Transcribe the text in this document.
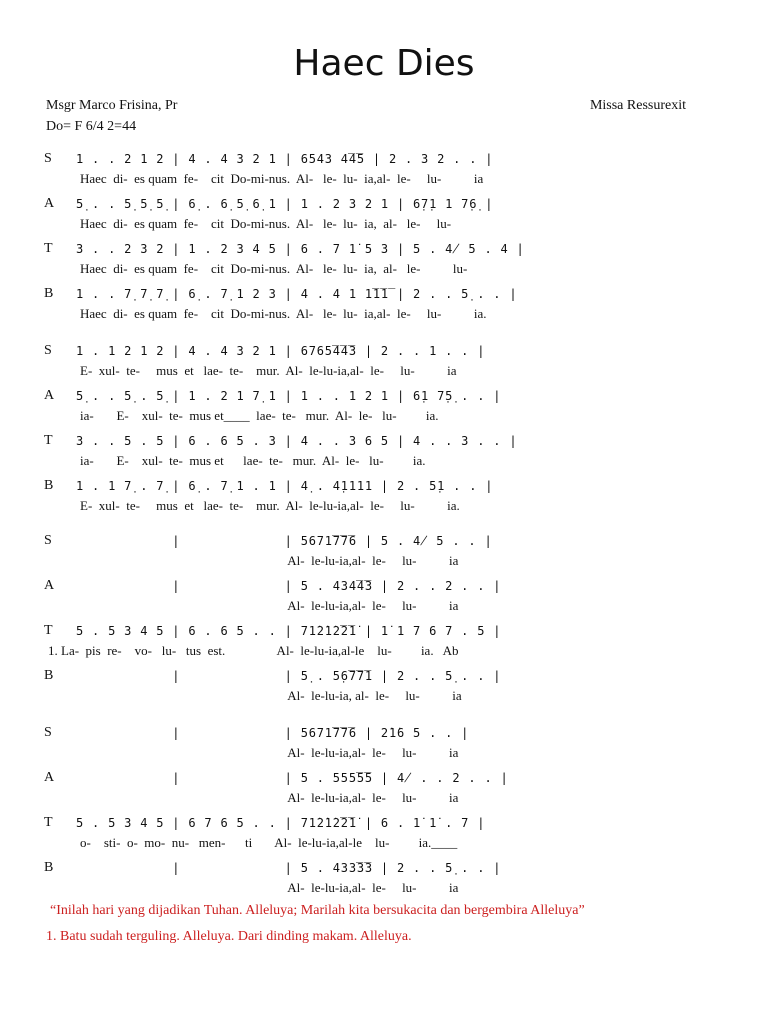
Haec Dies
Msgr Marco Frisina, Pr	Missa Ressurexit
Do= F 6/4 2=44
S	1 . . 2 1 2 | 4 . 4 3 2 1 | 6543 4̅4̅5 | 2 . 3 2 . . |
Haec  di-  es quam  fe-    cit  Do-mi-nus.  Al-   le-  lu-  ia,al-  le-     lu-          ia
A	5̣ . . 5̣ 5̣ 5̣ | 6̣ . 6̣ 5̣ 6̣ 1 | 1 . 2 3 2 1 | 6̣7̣1 1 7̣6̣ |
Haec  di-  es quam  fe-    cit  Do-mi-nus.  Al-   le-  lu-  ia,  al-   le-     lu-
T	3 . . 2 3 2 | 1 . 2 3 4 5 | 6 . 7 1̇ 5 3 | 5 . 4̸ 5 . 4 |
Haec  di-  es quam  fe-    cit  Do-mi-nus.  Al-   le-  lu-  ia,  al-   le-          lu-
B	1 . . 7̣ 7̣ 7̣ | 6̣ . 7̣ 1 2 3 | 4 . 4 1 1̅1̅1̅ | 2 . . 5̣ . . |
Haec  di-  es quam  fe-    cit  Do-mi-nus.  Al-   le-  lu-  ia,al-  le-     lu-          ia.
S	1 . 1 2 1 2 | 4 . 4 3 2 1 | 6765̅4̅4̅3 | 2 . . 1 . . |
E-  xul-  te-     mus  et   lae-  te-    mur.  Al-  le-lu-ia,al-  le-     lu-          ia
A	5̣ . . 5̣ . 5̣ | 1 . 2 1 7̣ 1 | 1 . . 1 2 1 | 6̣1 7̣5̣ . . |
ia-       E-    xul-  te-  mus et____  lae-  te-   mur.  Al-  le-   lu-         ia.
T	3 . . 5 . 5 | 6 . 6 5 . 3 | 4 . . 3 6 5 | 4 . . 3 . . |
ia-       E-    xul-  te-  mus et      lae-  te-   mur.  Al-  le-   lu-         ia.
B	1 . 1 7̣ . 7̣ | 6̣ . 7̣ 1 . 1 | 4̣ . 4̣1111 | 2 . 5̣1 . . |
E-  xul-  te-     mus  et   lae-  te-    mur.  Al-  le-lu-ia,al-  le-     lu-          ia.
S	|             | 5671̇̅7̅7̅6 | 5 . 4̸ 5 . . |
Al-  le-lu-ia,al-  le-     lu-          ia
A	|             | 5 . 434̅4̅3 | 2 . . 2 . . |
Al-  le-lu-ia,al-  le-     lu-          ia
T	5 . 5 3 4 5 | 6 . 6 5 . . | 71̇2̇1̇2̇̅2̇̅1̇ | 1̇ 1 7 6 7 . 5 |
1. La-  pis  re-    vo-   lu-   tus  est.                Al-  le-lu-ia,al-le    lu-         ia.   Ab
B	|             | 5̣ . 5̣6̅7̅7̅1 | 2 . . 5̣ . . |
Al-  le-lu-ia, al-  le-     lu-          ia
S	|             | 5671̇̅7̅7̅6 | 2̇1̇6 5 . . |
Al-  le-lu-ia,al-  le-     lu-          ia
A	|             | 5 . 555̅5̅5 | 4̸ . . 2 . . |
Al-  le-lu-ia,al-  le-     lu-          ia
T	5 . 5 3 4 5 | 6 7 6 5 . . | 71̇2̇1̇2̇̅2̇̅1̇ | 6 . 1̇ 1̇ . 7 |
o-    sti-  o-  mo-  nu-   men-      ti       Al-  le-lu-ia,al-le    lu-         ia.____
B	|             | 5 . 433̅3̅3 | 2 . . 5̣ . . |
Al-  le-lu-ia,al-  le-     lu-          ia
“Inilah hari yang dijadikan Tuhan. Alleluya; Marilah kita bersukacita dan bergembira Alleluya”
1. Batu sudah terguling. Alleluya. Dari dinding makam. Alleluya.
